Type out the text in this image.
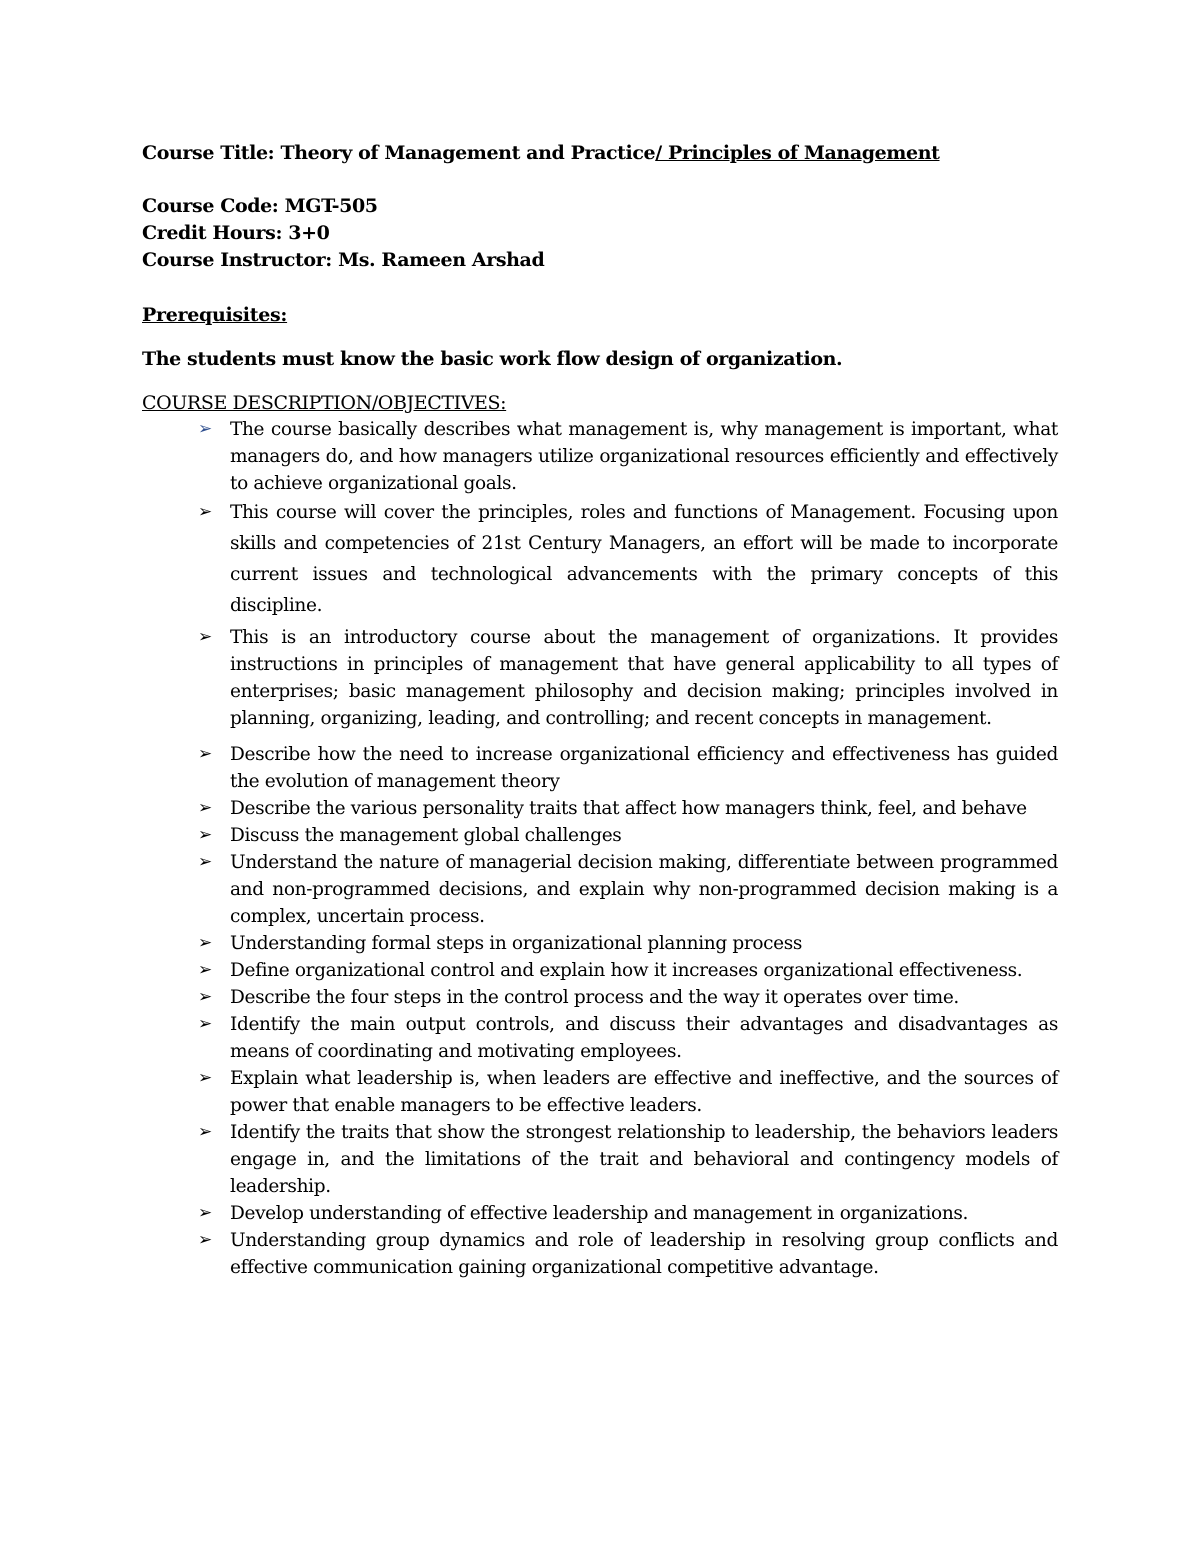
Course Title: Theory of Management and Practice/ Principles of Management
Course Code: MGT-505
Credit Hours: 3+0
Course Instructor: Ms. Rameen Arshad
Prerequisites:
The students must know the basic work flow design of organization.
COURSE DESCRIPTION/OBJECTIVES:
➢ The course basically describes what management is, why management is important, what managers do, and how managers utilize organizational resources efficiently and effectively to achieve organizational goals.
➢ This course will cover the principles, roles and functions of Management. Focusing upon skills and competencies of 21st Century Managers, an effort will be made to incorporate current issues and technological advancements with the primary concepts of this discipline.
➢ This is an introductory course about the management of organizations. It provides instructions in principles of management that have general applicability to all types of enterprises; basic management philosophy and decision making; principles involved in planning, organizing, leading, and controlling; and recent concepts in management.
➢ Describe how the need to increase organizational efficiency and effectiveness has guided the evolution of management theory
➢ Describe the various personality traits that affect how managers think, feel, and behave
➢ Discuss the management global challenges
➢ Understand the nature of managerial decision making, differentiate between programmed and non-programmed decisions, and explain why non-programmed decision making is a complex, uncertain process.
➢ Understanding formal steps in organizational planning process
➢ Define organizational control and explain how it increases organizational effectiveness.
➢ Describe the four steps in the control process and the way it operates over time.
➢ Identify the main output controls, and discuss their advantages and disadvantages as means of coordinating and motivating employees.
➢ Explain what leadership is, when leaders are effective and ineffective, and the sources of power that enable managers to be effective leaders.
➢ Identify the traits that show the strongest relationship to leadership, the behaviors leaders engage in, and the limitations of the trait and behavioral and contingency models of leadership.
➢ Develop understanding of effective leadership and management in organizations.
➢ Understanding group dynamics and role of leadership in resolving group conflicts and effective communication gaining organizational competitive advantage.
